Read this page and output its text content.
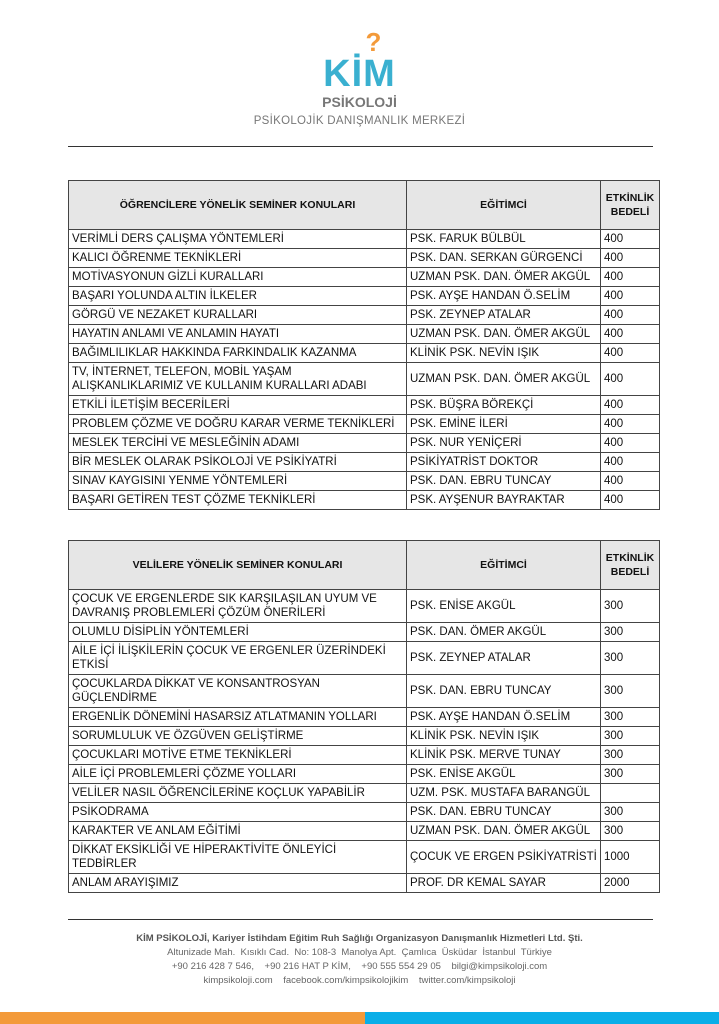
?
KİM
PSİKOLOJİ
PSİKOLOJİK DANIŞMANLIK MERKEZİ
ÖĞRENCİLERE YÖNELİK SEMİNER KONULARI	EĞİTİMCİ	ETKİNLİK BEDELİ
VERİMLİ DERS ÇALIŞMA YÖNTEMLERİ	PSK. FARUK BÜLBÜL	400
KALICI ÖĞRENME TEKNİKLERİ	PSK. DAN. SERKAN GÜRGENCİ	400
MOTİVASYONUN GİZLİ KURALLARI	UZMAN PSK. DAN. ÖMER AKGÜL	400
BAŞARI YOLUNDA ALTIN İLKELER	PSK. AYŞE HANDAN Ö.SELİM	400
GÖRGÜ VE NEZAKET KURALLARI	PSK. ZEYNEP ATALAR	400
HAYATIN ANLAMI VE ANLAMIN HAYATI	UZMAN PSK. DAN. ÖMER AKGÜL	400
BAĞIMLILIKLAR HAKKINDA FARKINDALIK KAZANMA	KLİNİK PSK. NEVİN IŞIK	400
TV, İNTERNET, TELEFON, MOBİL YAŞAM ALIŞKANLIKLARIMIZ VE KULLANIM KURALLARI ADABI	UZMAN PSK. DAN. ÖMER AKGÜL	400
ETKİLİ İLETİŞİM BECERİLERİ	PSK. BÜŞRA BÖREKÇİ	400
PROBLEM ÇÖZME VE DOĞRU KARAR VERME TEKNİKLERİ	PSK. EMİNE İLERİ	400
MESLEK TERCİHİ VE MESLEĞİNİN ADAMI	PSK. NUR YENİÇERİ	400
BİR MESLEK OLARAK PSİKOLOJİ VE PSİKİYATRİ	PSİKİYATRİST DOKTOR	400
SINAV KAYGISINI YENME YÖNTEMLERİ	PSK. DAN. EBRU TUNCAY	400
BAŞARI GETİREN TEST ÇÖZME TEKNİKLERİ	PSK. AYŞENUR BAYRAKTAR	400
VELİLERE YÖNELİK SEMİNER KONULARI	EĞİTİMCİ	ETKİNLİK BEDELİ
ÇOCUK VE ERGENLERDE SIK KARŞILAŞILAN UYUM VE DAVRANIŞ PROBLEMLERİ ÇÖZÜM ÖNERİLERİ	PSK. ENİSE AKGÜL	300
OLUMLU DİSİPLİN YÖNTEMLERİ	PSK. DAN. ÖMER AKGÜL	300
AİLE İÇİ İLİŞKİLERİN ÇOCUK VE ERGENLER ÜZERİNDEKİ ETKİSİ	PSK. ZEYNEP ATALAR	300
ÇOCUKLARDA DİKKAT VE KONSANTROSYAN GÜÇLENDİRME	PSK. DAN. EBRU TUNCAY	300
ERGENLİK DÖNEMİNİ HASARSIZ ATLATMANIN YOLLARI	PSK. AYŞE HANDAN Ö.SELİM	300
SORUMLULUK VE ÖZGÜVEN GELİŞTİRME	KLİNİK PSK. NEVİN IŞIK	300
ÇOCUKLARI MOTİVE ETME TEKNİKLERİ	KLİNİK PSK. MERVE TUNAY	300
AİLE İÇİ PROBLEMLERİ ÇÖZME YOLLARI	PSK. ENİSE AKGÜL	300
VELİLER NASIL ÖĞRENCİLERİNE KOÇLUK YAPABİLİR	UZM. PSK. MUSTAFA BARANGÜL	
PSİKODRAMA	PSK. DAN. EBRU TUNCAY	300
KARAKTER VE ANLAM EĞİTİMİ	UZMAN PSK. DAN. ÖMER AKGÜL	300
DİKKAT EKSİKLİĞİ VE HİPERAKTİVİTE ÖNLEYİCİ TEDBİRLER	ÇOCUK VE ERGEN PSİKİYATRİSTİ	1000
ANLAM ARAYIŞIMIZ	PROF. DR KEMAL SAYAR	2000
KİM PSİKOLOJİ, Kariyer İstihdam Eğitim Ruh Sağlığı Organizasyon Danışmanlık Hizmetleri Ltd. Şti.
Altunizade Mah.  Kısıklı Cad.  No: 108-3  Manolya Apt.  Çamlıca  Üsküdar  İstanbul  Türkiye
+90 216 428 7 546,    +90 216 HAT P KİM,    +90 555 554 29 05    bilgi@kimpsikoloji.com
kimpsikoloji.com    facebook.com/kimpsikolojikim    twitter.com/kimpsikoloji
